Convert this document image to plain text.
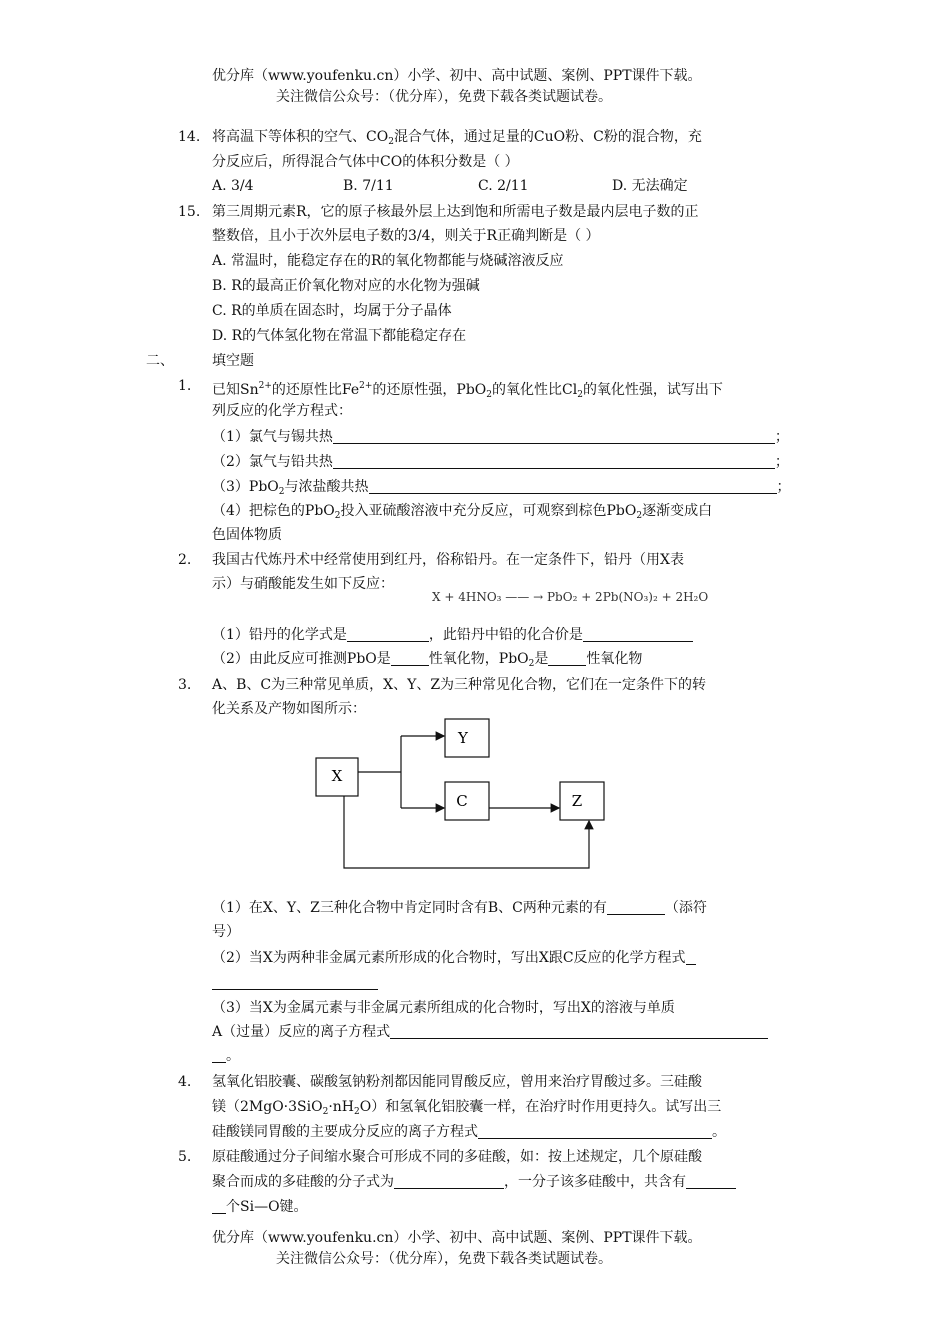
优分库（www.youfenku.cn）小学、初中、高中试题、案例、PPT课件下载。
关注微信公众号：（优分库），免费下载各类试题试卷。
14. 将高温下等体积的空气、$CO_2$混合气体，通过足量的CuO粉、C粉的混合物，充
分反应后，所得混合气体中CO的体积分数是（ ）
A. 3/4	B. 7/11	C. 2/11	D. 无法确定
15. 第三周期元素R，它的原子核最外层上达到饱和所需电子数是最内层电子数的正
整数倍，且小于次外层电子数的3/4，则关于R正确判断是（ ）
A. 常温时，能稳定存在的R的氧化物都能与烧碱溶液反应
B. R的最高正价氧化物对应的水化物为强碱
C. R的单质在固态时，均属于分子晶体
D. R的气体氢化物在常温下都能稳定存在
二、	填空题
1. 已知$Sn^{2+}$的还原性比$Fe^{2+}$的还原性强，PbO$_2$的氧化性比$Cl_2$的氧化性强，试写出下
列反应的化学方程式：
（1）氯气与锡共热	；
（2）氯气与铅共热	；
（3）PbO$_2$与浓盐酸共热	；
（4）把棕色的PbO$_2$投入亚硫酸溶液中充分反应，可观察到棕色PbO$_2$逐渐变成白
色固体物质
2. 我国古代炼丹术中经常使用到红丹，俗称铅丹。在一定条件下，铅丹（用X表
示）与硝酸能发生如下反应：
X + 4HNO₃ —— → PbO₂ + 2Pb(NO₃)₂ + 2H₂O
（1）铅丹的化学式是	，此铅丹中铅的化合价是
（2）由此反应可推测PbO是	性氧化物，PbO$_2$是	性氧化物
3. A、B、C为三种常见单质，X、Y、Z为三种常见化合物，它们在一定条件下的转
化关系及产物如图所示：
X
Y
C	Z
（1）在X、Y、Z三种化合物中肯定同时含有B、C两种元素的有	（添符
号）
（2）当X为两种非金属元素所形成的化合物时，写出X跟C反应的化学方程式
（3）当X为金属元素与非金属元素所组成的化合物时，写出X的溶液与单质
A（过量）反应的离子方程式
。
4. 氢氧化铝胶囊、碳酸氢钠粉剂都因能同胃酸反应，曾用来治疗胃酸过多。三硅酸
镁$(2MgO\cdot 3SiO_2\cdot nH_2O)$和氢氧化铝胶囊一样，在治疗时作用更持久。试写出三
硅酸镁同胃酸的主要成分反应的离子方程式	。
5. 原硅酸通过分子间缩水聚合可形成不同的多硅酸，如：按上述规定，几个原硅酸
聚合而成的多硅酸的分子式为	，一分子该多硅酸中，共含有
个Si—O键。
优分库（www.youfenku.cn）小学、初中、高中试题、案例、PPT课件下载。
关注微信公众号：（优分库），免费下载各类试题试卷。
